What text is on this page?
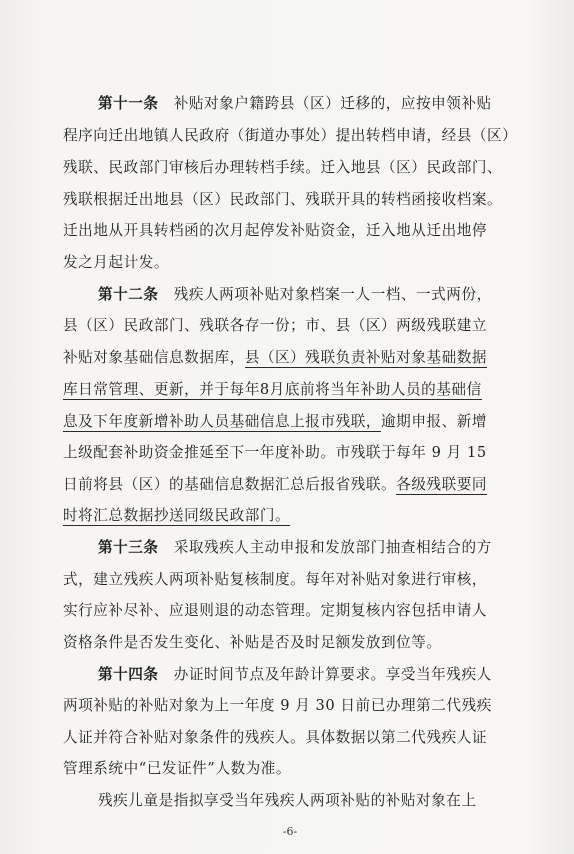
第十一条　补贴对象户籍跨县（区）迁移的，应按申领补贴
程序向迁出地镇人民政府（街道办事处）提出转档申请，经县（区）
残联、民政部门审核后办理转档手续。迁入地县（区）民政部门、
残联根据迁出地县（区）民政部门、残联开具的转档函接收档案。
迁出地从开具转档函的次月起停发补贴资金，迁入地从迁出地停
发之月起计发。
第十二条　残疾人两项补贴对象档案一人一档、一式两份，
县（区）民政部门、残联各存一份；市、县（区）两级残联建立
补贴对象基础信息数据库，县（区）残联负责补贴对象基础数据
库日常管理、更新，并于每年8月底前将当年补助人员的基础信
息及下年度新增补助人员基础信息上报市残联，逾期申报、新增
上级配套补助资金推延至下一年度补助。市残联于每年 9 月 15
日前将县（区）的基础信息数据汇总后报省残联。各级残联要同
时将汇总数据抄送同级民政部门。
第十三条　采取残疾人主动申报和发放部门抽查相结合的方
式，建立残疾人两项补贴复核制度。每年对补贴对象进行审核，
实行应补尽补、应退则退的动态管理。定期复核内容包括申请人
资格条件是否发生变化、补贴是否及时足额发放到位等。
第十四条　办证时间节点及年龄计算要求。享受当年残疾人
两项补贴的补贴对象为上一年度 9 月 30 日前已办理第二代残疾
人证并符合补贴对象条件的残疾人。具体数据以第二代残疾人证
管理系统中“已发证件”人数为准。
残疾儿童是指拟享受当年残疾人两项补贴的补贴对象在上
-6-
